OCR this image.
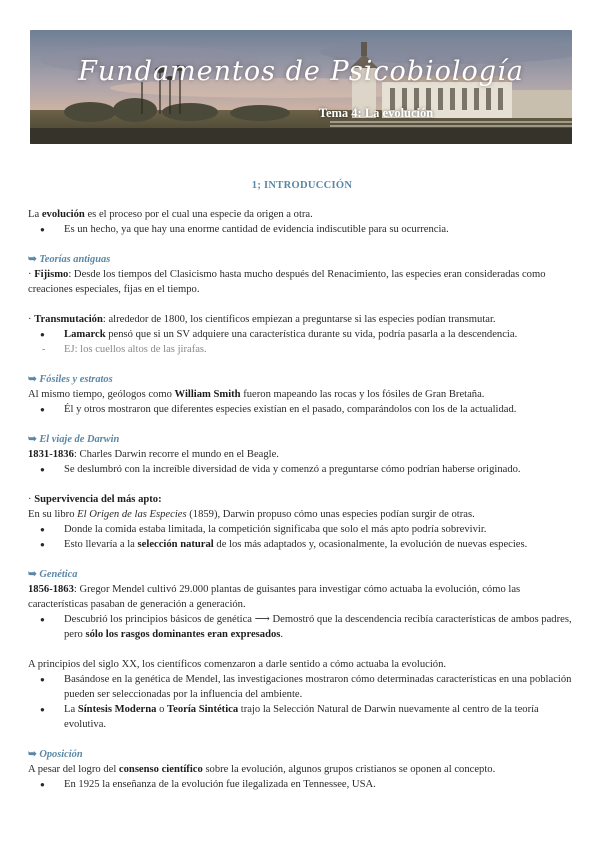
Fundamentos de Psicobiología
Tema 4: La evolución
1; INTRODUCCIÓN

La evolución es el proceso por el cual una especie da origen a otra.

● Es un hecho, ya que hay una enorme cantidad de evidencia indiscutible para su ocurrencia.

➥ Teorías antiguas

· Fijismo: Desde los tiempos del Clasicismo hasta mucho después del Renacimiento, las especies eran consideradas como creaciones especiales, fijas en el tiempo.

· Transmutación: alrededor de 1800, los científicos empiezan a preguntarse si las especies podían transmutar.

● Lamarck pensó que si un SV adquiere una característica durante su vida, podría pasarla a la descendencia.
- EJ: los cuellos altos de las jirafas.

➥ Fósiles y estratos

Al mismo tiempo, geólogos como William Smith fueron mapeando las rocas y los fósiles de Gran Bretaña.

● Él y otros mostraron que diferentes especies existían en el pasado, comparándolos con los de la actualidad.

➥ El viaje de Darwin

1831-1836: Charles Darwin recorre el mundo en el Beagle.

● Se deslumbró con la increíble diversidad de vida y comenzó a preguntarse cómo podrían haberse originado.

· Supervivencia del más apto:

En su libro El Origen de las Especies (1859), Darwin propuso cómo unas especies podían surgir de otras.

● Donde la comida estaba limitada, la competición significaba que solo el más apto podría sobrevivir.
● Esto llevaría a la selección natural de los más adaptados y, ocasionalmente, la evolución de nuevas especies.

➥ Genética

1856-1863: Gregor Mendel cultivó 29.000 plantas de guisantes para investigar cómo actuaba la evolución, cómo las características pasaban de generación a generación.

● Descubrió los principios básicos de genética ⟶ Demostró que la descendencia recibía características de ambos padres, pero sólo los rasgos dominantes eran expresados.

A principios del siglo XX, los científicos comenzaron a darle sentido a cómo actuaba la evolución.

● Basándose en la genética de Mendel, las investigaciones mostraron cómo determinadas características en una población pueden ser seleccionadas por la influencia del ambiente.
● La Síntesis Moderna o Teoría Sintética trajo la Selección Natural de Darwin nuevamente al centro de la teoría evolutiva.

➥ Oposición

A pesar del logro del consenso científico sobre la evolución, algunos grupos cristianos se oponen al concepto.

● En 1925 la enseñanza de la evolución fue ilegalizada en Tennessee, USA.
